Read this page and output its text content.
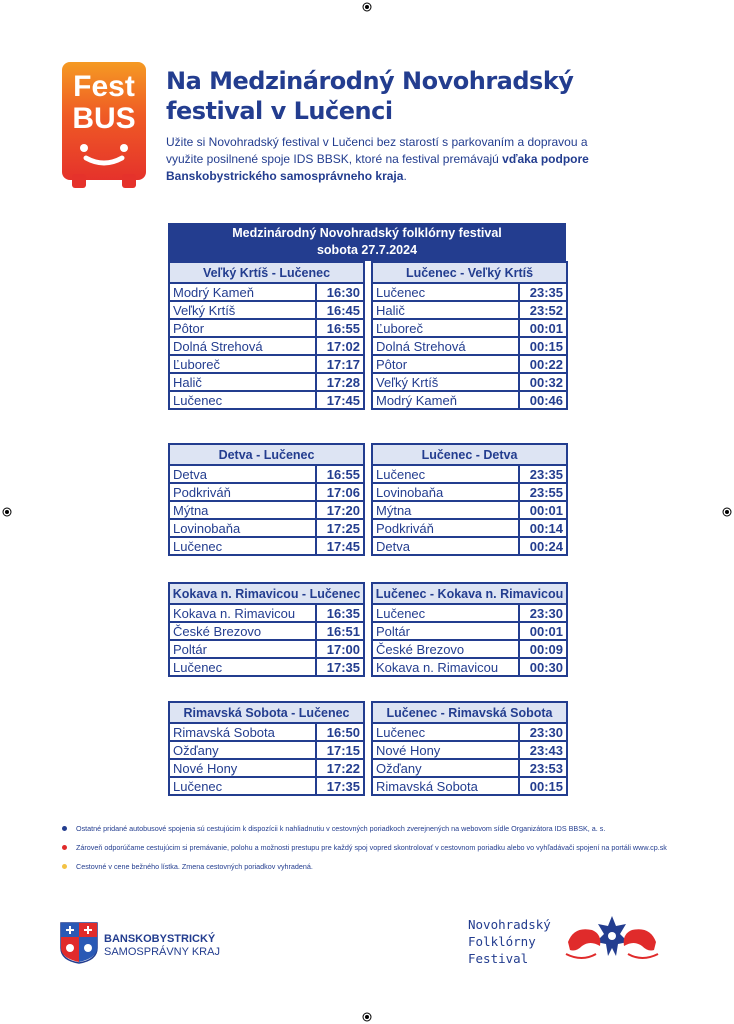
Fest
BUS
Na Medzinárodný Novohradský
festival v Lučenci

Užite si Novohradský festival v Lučenci bez starostí s parkovaním a dopravou a využite posilnené spoje IDS BBSK, ktoré na festival premávajú vďaka podpore Banskobystrického samosprávneho kraja.

Medzinárodný Novohradský folklórny festival
sobota 27.7.2024
Veľký Krtíš - Lučenec			Lučenec - Veľký Krtíš	
Modrý Kameň	16:30		Lučenec	23:35
Veľký Krtíš	16:45		Halič	23:52
Pôtor	16:55		Ľuboreč	00:01
Dolná Strehová	17:02		Dolná Strehová	00:15
Ľuboreč	17:17		Pôtor	00:22
Halič	17:28		Veľký Krtíš	00:32
Lučenec	17:45		Modrý Kameň	00:46
Detva - Lučenec			Lučenec - Detva	
Detva	16:55		Lučenec	23:35
Podkriváň	17:06		Lovinobaňa	23:55
Mýtna	17:20		Mýtna	00:01
Lovinobaňa	17:25		Podkriváň	00:14
Lučenec	17:45		Detva	00:24
Kokava n. Rimavicou - Lučenec			Lučenec - Kokava n. Rimavicou	
Kokava n. Rimavicou	16:35		Lučenec	23:30
České Brezovo	16:51		Poltár	00:01
Poltár	17:00		České Brezovo	00:09
Lučenec	17:35		Kokava n. Rimavicou	00:30
Rimavská Sobota - Lučenec			Lučenec - Rimavská Sobota	
Rimavská Sobota	16:50		Lučenec	23:30
Ožďany	17:15		Nové Hony	23:43
Nové Hony	17:22		Ožďany	23:53
Lučenec	17:35		Rimavská Sobota	00:15
Ostatné pridané autobusové spojenia sú cestujúcim k dispozícii k nahliadnutiu v cestovných poriadkoch zverejnených na webovom sídle Organizátora IDS BBSK, a. s.
Zároveň odporúčame cestujúcim si premávanie, polohu a možnosti prestupu pre každý spoj vopred skontrolovať v cestovnom poriadku alebo vo vyhľadávači spojení na portáli www.cp.sk
Cestovné v cene bežného lístka. Zmena cestovných poriadkov vyhradená.
BANSKOBYSTRICKÝ
SAMOSPRÁVNY KRAJ
Novohradský
Folklórny
Festival
